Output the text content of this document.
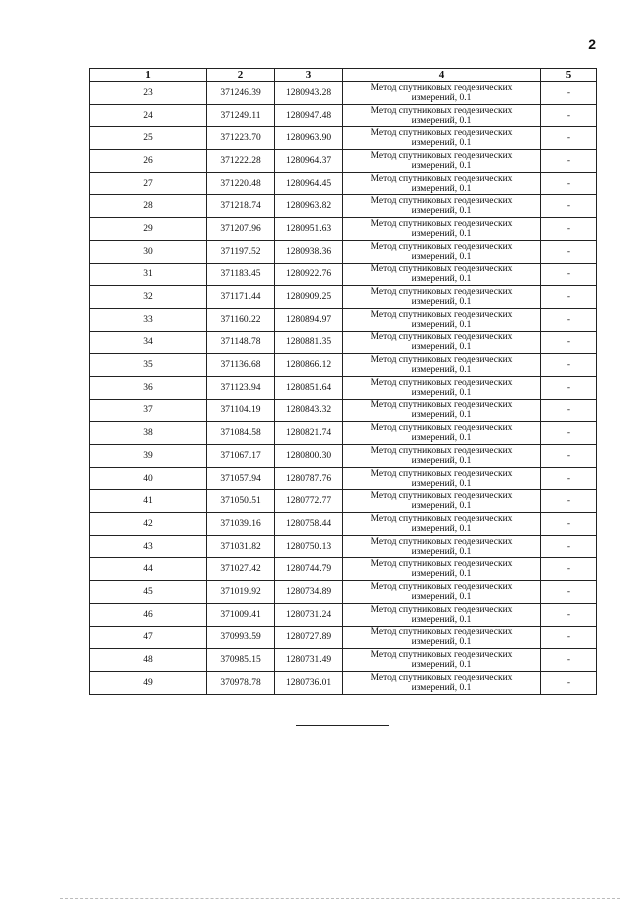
2
1	2	3	4	5
23	371246.39	1280943.28	Метод спутниковых геодезических
измерений, 0.1	-
24	371249.11	1280947.48	Метод спутниковых геодезических
измерений, 0.1	-
25	371223.70	1280963.90	Метод спутниковых геодезических
измерений, 0.1	-
26	371222.28	1280964.37	Метод спутниковых геодезических
измерений, 0.1	-
27	371220.48	1280964.45	Метод спутниковых геодезических
измерений, 0.1	-
28	371218.74	1280963.82	Метод спутниковых геодезических
измерений, 0.1	-
29	371207.96	1280951.63	Метод спутниковых геодезических
измерений, 0.1	-
30	371197.52	1280938.36	Метод спутниковых геодезических
измерений, 0.1	-
31	371183.45	1280922.76	Метод спутниковых геодезических
измерений, 0.1	-
32	371171.44	1280909.25	Метод спутниковых геодезических
измерений, 0.1	-
33	371160.22	1280894.97	Метод спутниковых геодезических
измерений, 0.1	-
34	371148.78	1280881.35	Метод спутниковых геодезических
измерений, 0.1	-
35	371136.68	1280866.12	Метод спутниковых геодезических
измерений, 0.1	-
36	371123.94	1280851.64	Метод спутниковых геодезических
измерений, 0.1	-
37	371104.19	1280843.32	Метод спутниковых геодезических
измерений, 0.1	-
38	371084.58	1280821.74	Метод спутниковых геодезических
измерений, 0.1	-
39	371067.17	1280800.30	Метод спутниковых геодезических
измерений, 0.1	-
40	371057.94	1280787.76	Метод спутниковых геодезических
измерений, 0.1	-
41	371050.51	1280772.77	Метод спутниковых геодезических
измерений, 0.1	-
42	371039.16	1280758.44	Метод спутниковых геодезических
измерений, 0.1	-
43	371031.82	1280750.13	Метод спутниковых геодезических
измерений, 0.1	-
44	371027.42	1280744.79	Метод спутниковых геодезических
измерений, 0.1	-
45	371019.92	1280734.89	Метод спутниковых геодезических
измерений, 0.1	-
46	371009.41	1280731.24	Метод спутниковых геодезических
измерений, 0.1	-
47	370993.59	1280727.89	Метод спутниковых геодезических
измерений, 0.1	-
48	370985.15	1280731.49	Метод спутниковых геодезических
измерений, 0.1	-
49	370978.78	1280736.01	Метод спутниковых геодезических
измерений, 0.1	-
